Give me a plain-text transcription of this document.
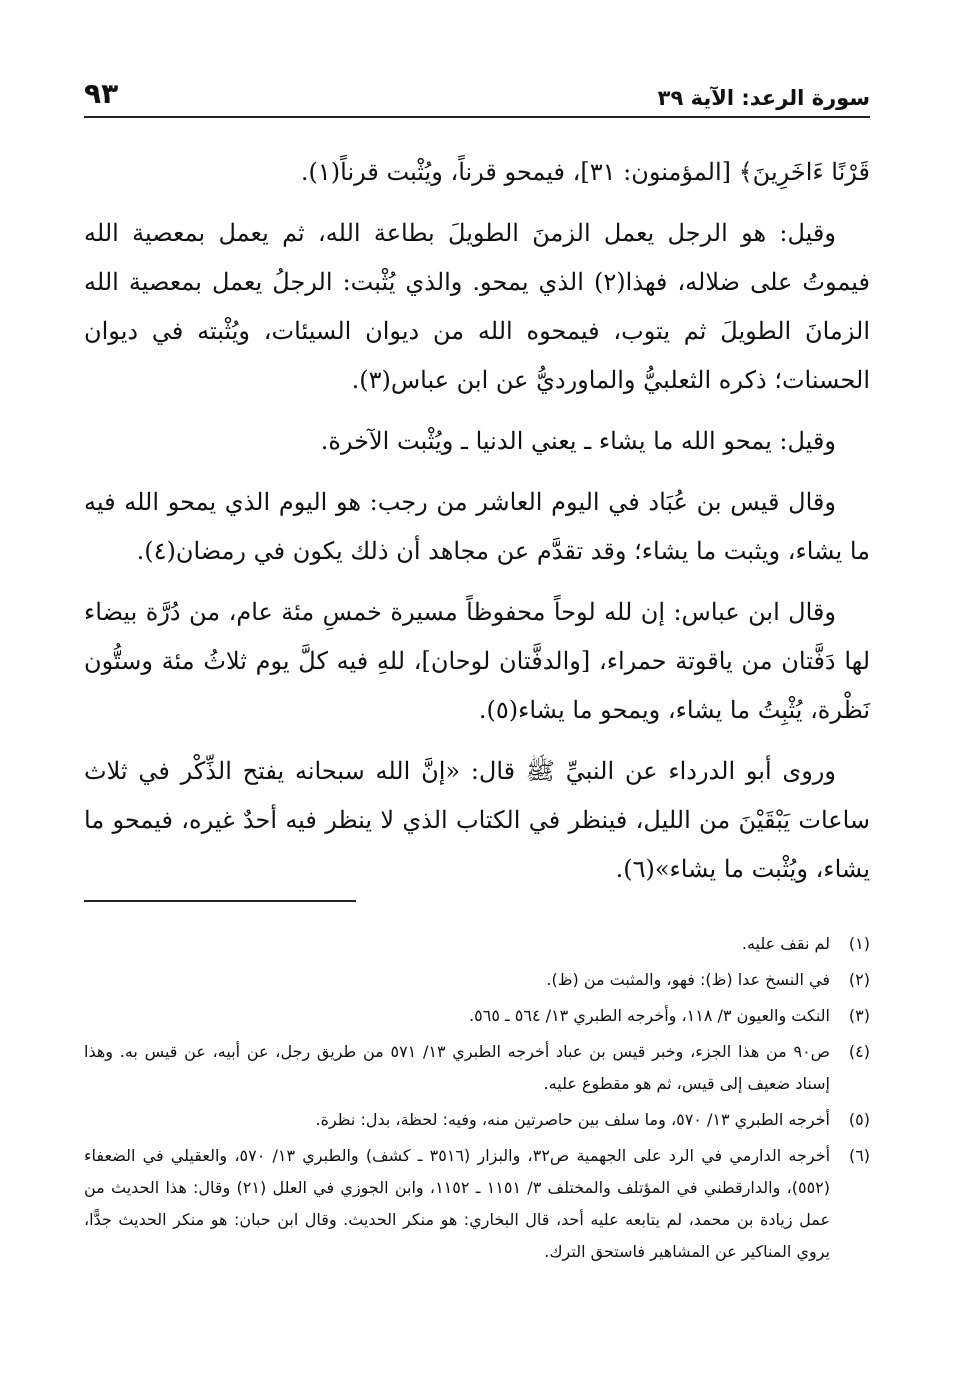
سورة الرعد: الآية ٣٩
٩٣

قَرْنًا ءَاخَرِينَ﴾ [المؤمنون: ٣١]، فيمحو قرناً، ويُثْبت قرناً(١).

وقيل: هو الرجل يعمل الزمنَ الطويلَ بطاعة الله، ثم يعمل بمعصية الله فيموتُ على ضلاله، فهذا(٢) الذي يمحو. والذي يُثْبت: الرجلُ يعمل بمعصية الله الزمانَ الطويلَ ثم يتوب، فيمحوه الله من ديوان السيئات، ويُثْبته في ديوان الحسنات؛ ذكره الثعلبيُّ والماورديُّ عن ابن عباس(٣).

وقيل: يمحو الله ما يشاء ـ يعني الدنيا ـ ويُثْبت الآخرة.

وقال قيس بن عُبَاد في اليوم العاشر من رجب: هو اليوم الذي يمحو الله فيه ما يشاء، ويثبت ما يشاء؛ وقد تقدَّم عن مجاهد أن ذلك يكون في رمضان(٤).

وقال ابن عباس: إن لله لوحاً محفوظاً مسيرة خمسِ مئة عام، من دُرَّة بيضاء لها دَفَّتان من ياقوتة حمراء، [والدفَّتان لوحان]، للهِ فيه كلَّ يوم ثلاثُ مئة وستُّون نَظْرة، يُثْبِتُ ما يشاء، ويمحو ما يشاء(٥).

وروى أبو الدرداء عن النبيِّ ﷺ قال: «إنَّ الله سبحانه يفتح الذِّكْر في ثلاث ساعات يَبْقَيْنَ من الليل، فينظر في الكتاب الذي لا ينظر فيه أحدٌ غيره، فيمحو ما يشاء، ويُثْبت ما يشاء»(٦).

(١)لم نقف عليه.
(٢)في النسخ عدا (ظ): فهو، والمثبت من (ظ).
(٣)النكت والعيون ٣/ ١١٨، وأخرجه الطبري ١٣/ ٥٦٤ ـ ٥٦٥.
(٤)ص٩٠ من هذا الجزء، وخبر قيس بن عباد أخرجه الطبري ١٣/ ٥٧١ من طريق رجل، عن أبيه، عن قيس به. وهذا إسناد ضعيف إلى قيس، ثم هو مقطوع عليه.
(٥)أخرجه الطبري ١٣/ ٥٧٠، وما سلف بين حاصرتين منه، وفيه: لحظة، بدل: نظرة.
(٦)أخرجه الدارمي في الرد على الجهمية ص٣٢، والبزار (٣٥١٦ ـ كشف) والطبري ١٣/ ٥٧٠، والعقيلي في الضعفاء (٥٥٢)، والدارقطني في المؤتلف والمختلف ٣/ ١١٥١ ـ ١١٥٢، وابن الجوزي في العلل (٢١) وقال: هذا الحديث من عمل زيادة بن محمد، لم يتابعه عليه أحد، قال البخاري: هو منكر الحديث. وقال ابن حبان: هو منكر الحديث جدًّا، يروي المناكير عن المشاهير فاستحق الترك.
